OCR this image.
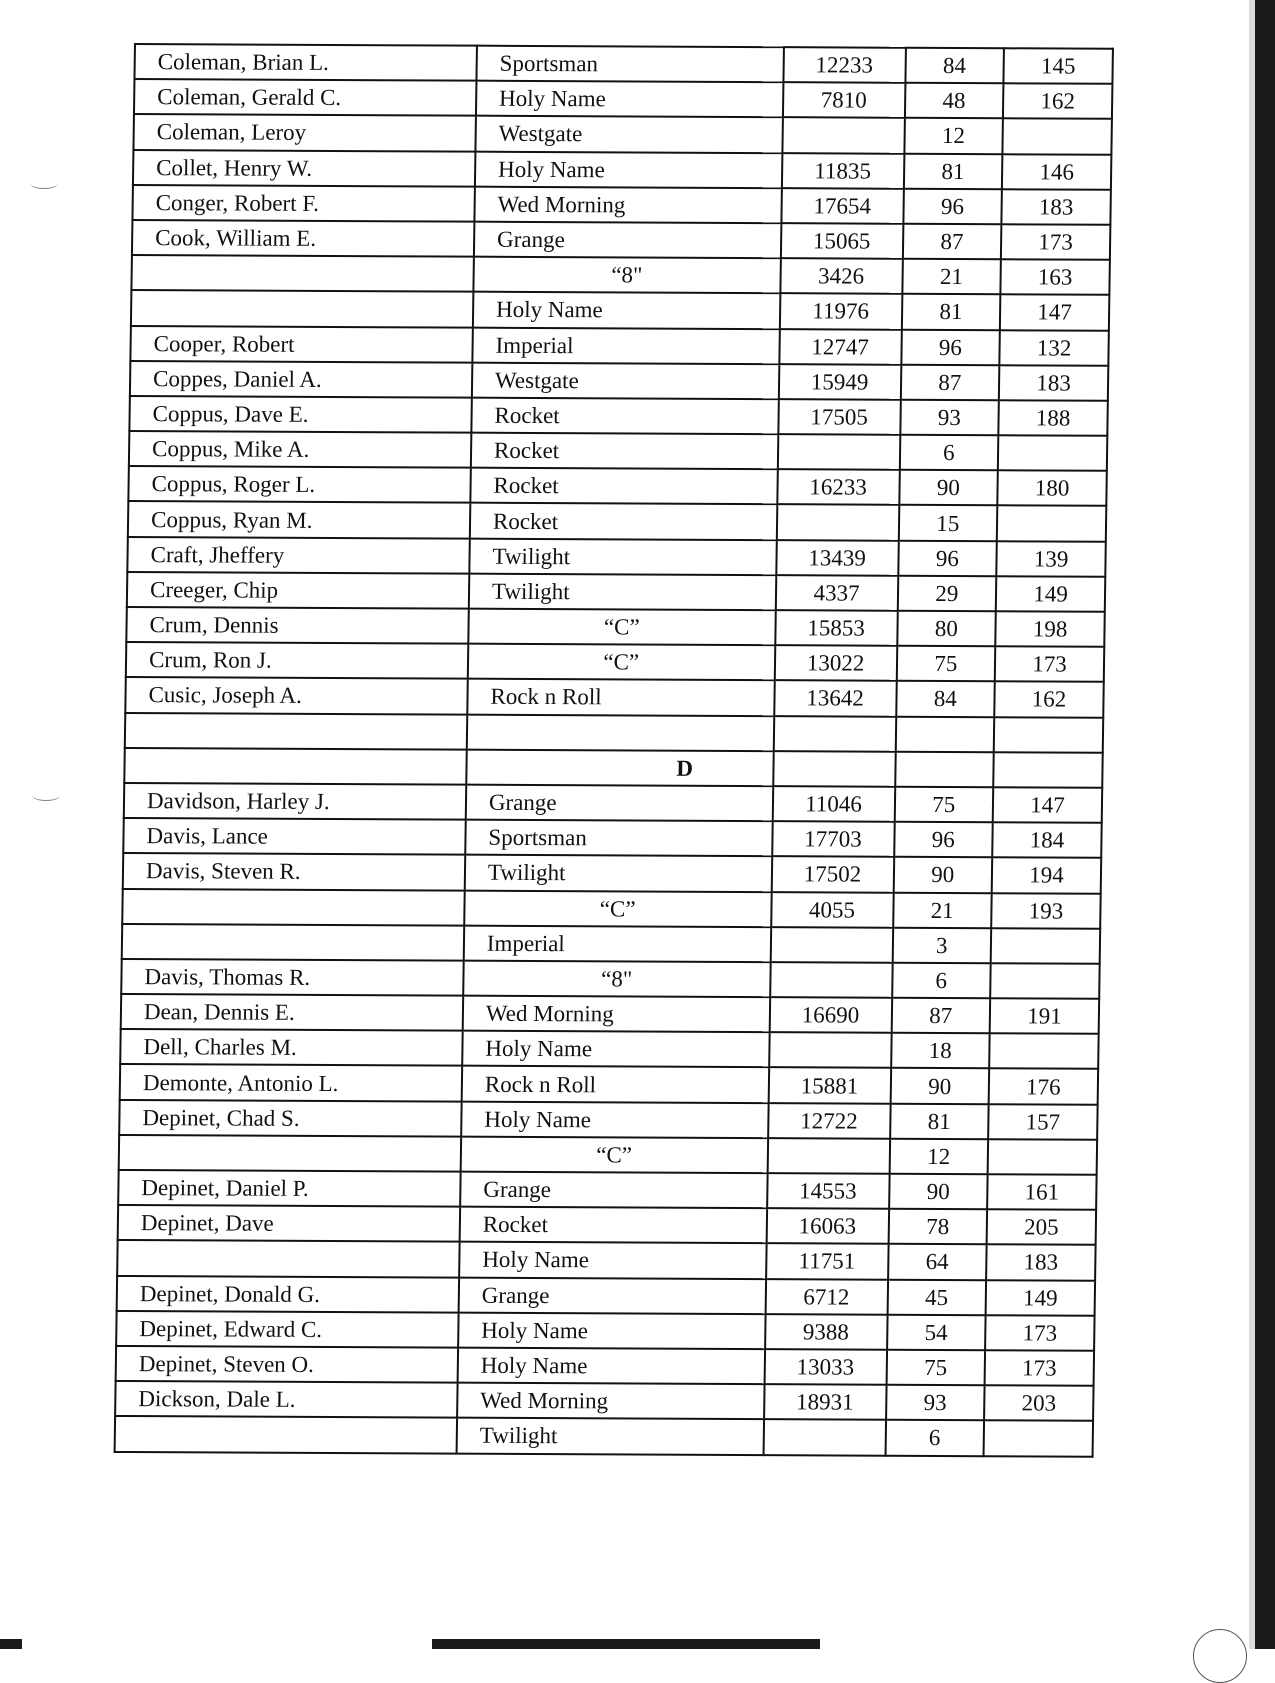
Coleman, Brian L.	Sportsman	12233	84	145
Coleman, Gerald C.	Holy Name	7810	48	162
Coleman, Leroy	Westgate		12	
Collet, Henry W.	Holy Name	11835	81	146
Conger, Robert F.	Wed Morning	17654	96	183
Cook, William E.	Grange	15065	87	173
	“8"	3426	21	163
	Holy Name	11976	81	147
Cooper, Robert	Imperial	12747	96	132
Coppes, Daniel A.	Westgate	15949	87	183
Coppus, Dave E.	Rocket	17505	93	188
Coppus, Mike A.	Rocket		6	
Coppus, Roger L.	Rocket	16233	90	180
Coppus, Ryan M.	Rocket		15	
Craft, Jheffery	Twilight	13439	96	139
Creeger, Chip	Twilight	4337	29	149
Crum, Dennis	“C”	15853	80	198
Crum, Ron J.	“C”	13022	75	173
Cusic, Joseph A.	Rock n Roll	13642	84	162

	D			
Davidson, Harley J.	Grange	11046	75	147
Davis, Lance	Sportsman	17703	96	184
Davis, Steven R.	Twilight	17502	90	194
	“C”	4055	21	193
	Imperial		3	
Davis, Thomas R.	“8"		6	
Dean, Dennis E.	Wed Morning	16690	87	191
Dell, Charles M.	Holy Name		18	
Demonte, Antonio L.	Rock n Roll	15881	90	176
Depinet, Chad S.	Holy Name	12722	81	157
	“C”		12	
Depinet, Daniel P.	Grange	14553	90	161
Depinet, Dave	Rocket	16063	78	205
	Holy Name	11751	64	183
Depinet, Donald G.	Grange	6712	45	149
Depinet, Edward C.	Holy Name	9388	54	173
Depinet, Steven O.	Holy Name	13033	75	173
Dickson, Dale L.	Wed Morning	18931	93	203
	Twilight		6	
